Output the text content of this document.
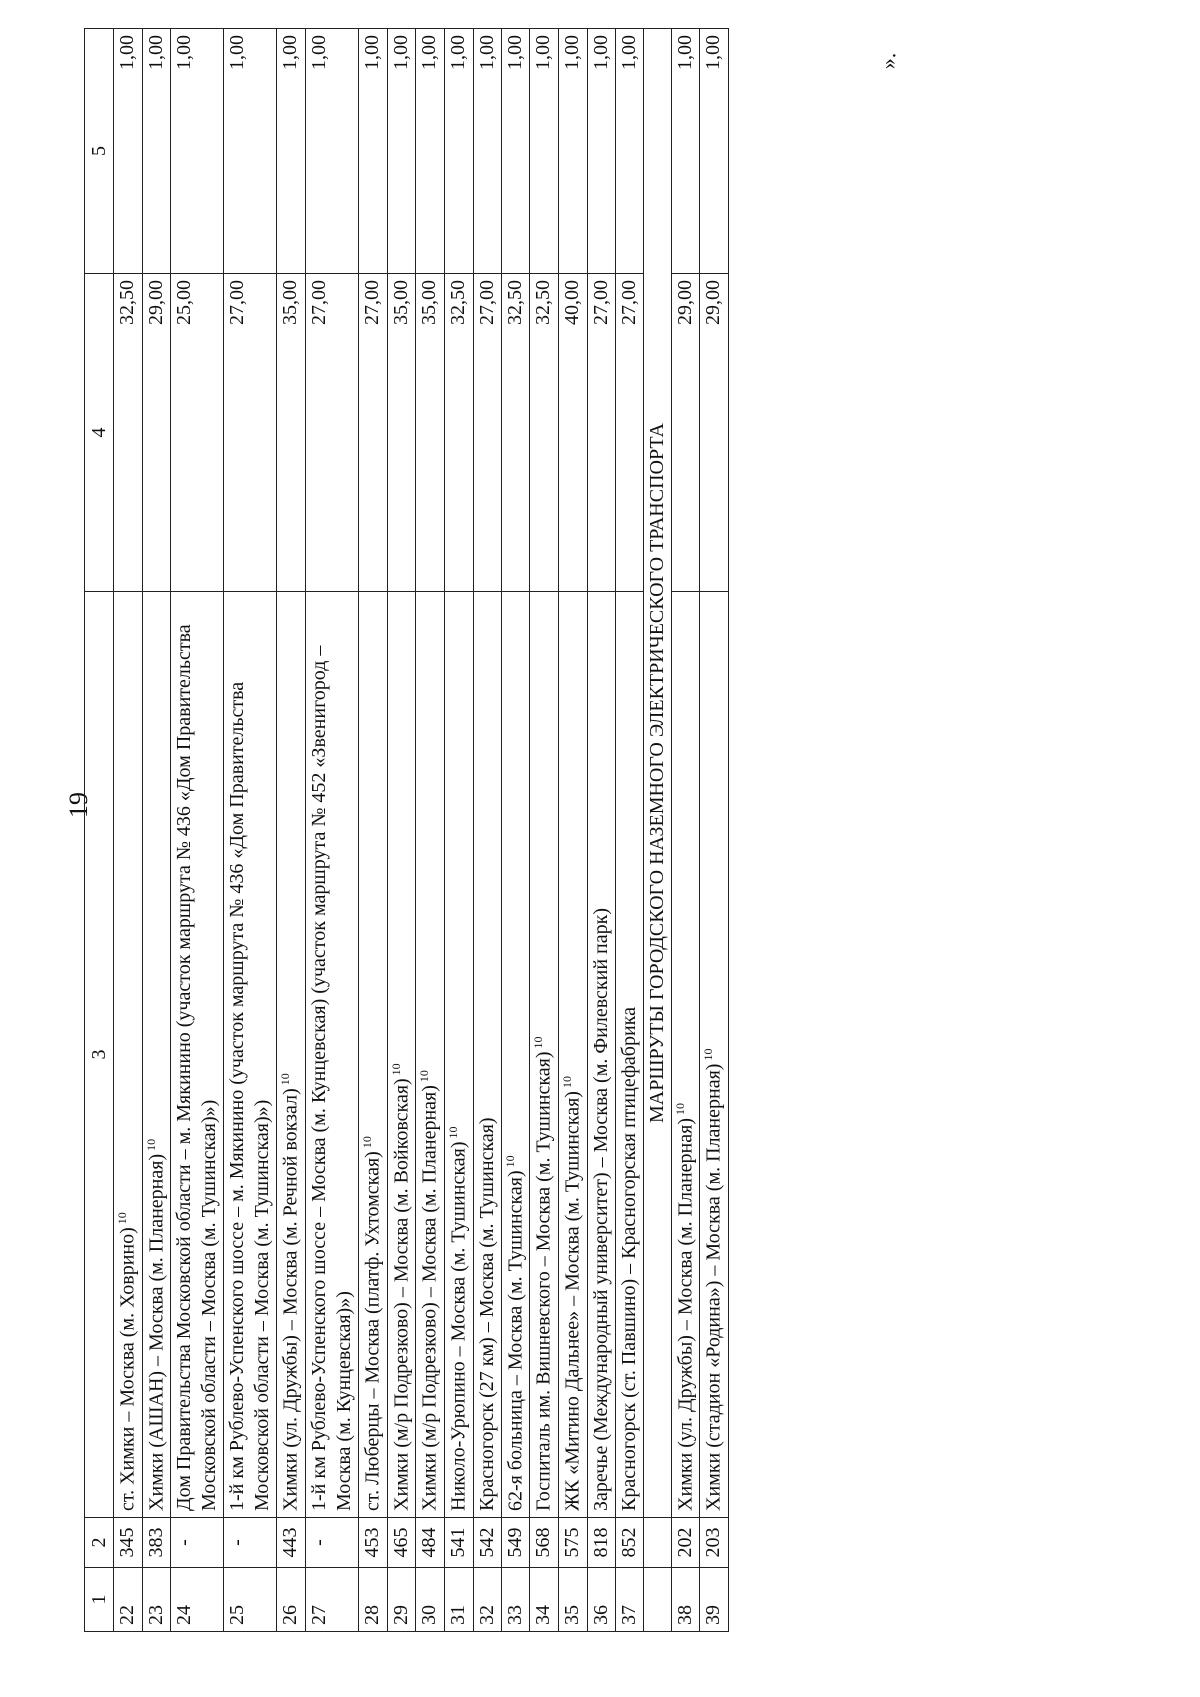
19
».
1	2	3	4	5
22	345	ст. Химки – Москва (м. Ховрино)$^{10}$	32,50	1,00
23	383	Химки (АШАН) – Москва (м. Планерная)$^{10}$	29,00	1,00
24	-	Дом Правительства Московской области – м. Мякинино (участок маршрута № 436 «Дом Правительства Московской области – Москва (м. Тушинская)»)	25,00	1,00
25	-	1-й км Рублево-Успенского шоссе – м. Мякинино (участок маршрута № 436 «Дом Правительства Московской области – Москва (м. Тушинская)»)	27,00	1,00
26	443	Химки (ул. Дружбы) – Москва (м. Речной вокзал)$^{10}$	35,00	1,00
27	-	1-й км Рублево-Успенского шоссе – Москва (м. Кунцевская) (участок маршрута № 452 «Звенигород – Москва (м. Кунцевская)»)	27,00	1,00
28	453	ст. Люберцы – Москва (платф. Ухтомская)$^{10}$	27,00	1,00
29	465	Химки (м/р Подрезково) – Москва (м. Войковская)$^{10}$	35,00	1,00
30	484	Химки (м/р Подрезково) – Москва (м. Планерная)$^{10}$	35,00	1,00
31	541	Николо-Урюпино – Москва (м. Тушинская)$^{10}$	32,50	1,00
32	542	Красногорск (27 км) – Москва (м. Тушинская)	27,00	1,00
33	549	62-я больница – Москва (м. Тушинская)$^{10}$	32,50	1,00
34	568	Госпиталь им. Вишневского – Москва (м. Тушинская)$^{10}$	32,50	1,00
35	575	ЖК «Митино Дальнее» – Москва (м. Тушинская)$^{10}$	40,00	1,00
36	818	Заречье (Международный университет) – Москва (м. Филевский парк)	27,00	1,00
37	852	Красногорск (ст. Павшино) – Красногорская птицефабрика	27,00	1,00
		МАРШРУТЫ ГОРОДСКОГО НАЗЕМНОГО ЭЛЕКТРИЧЕСКОГО ТРАНСПОРТА		
38	202	Химки (ул. Дружбы) – Москва (м. Планерная)$^{10}$	29,00	1,00
39	203	Химки (стадион «Родина») – Москва (м. Планерная)$^{10}$	29,00	1,00
